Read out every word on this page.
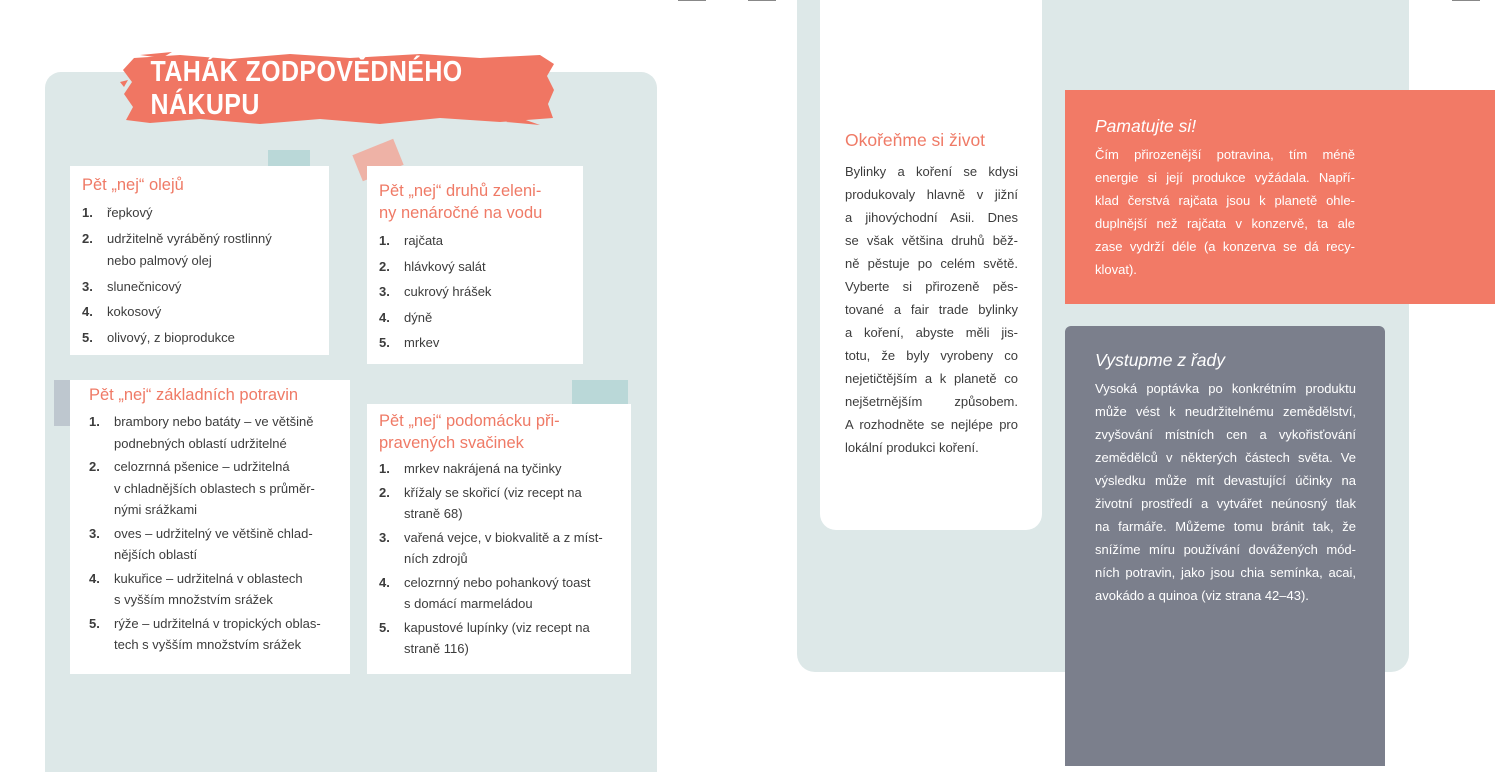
TAHÁK ZODPOVĚDNÉHO NÁKUPU
Pět „nej“ olejů
1. řepkový
2. udržitelně vyráběný rostlinný
nebo palmový olej
3. slunečnicový
4. kokosový
5. olivový, z bioprodukce
Pět „nej“ druhů zeleni-
ny nenáročné na vodu
1. rajčata
2. hlávkový salát
3. cukrový hrášek
4. dýně
5. mrkev
Pět „nej“ základních potravin
1. brambory nebo batáty – ve většině
podnebných oblastí udržitelné
2. celozrnná pšenice – udržitelná
v chladnějších oblastech s průměr-
nými srážkami
3. oves – udržitelný ve většině chlad-
nějších oblastí
4. kukuřice – udržitelná v oblastech
s vyšším množstvím srážek
5. rýže – udržitelná v tropických oblas-
tech s vyšším množstvím srážek
Pět „nej“ podomácku při-
pravených svačinek
1. mrkev nakrájená na tyčinky
2. křížaly se skořicí (viz recept na
straně 68)
3. vařená vejce, v biokvalitě a z míst-
ních zdrojů
4. celozrnný nebo pohankový toast
s domácí marmeládou
5. kapustové lupínky (viz recept na
straně 116)
Okořeňme si život
Bylinky a koření se kdysi
produkovaly hlavně v jižní
a jihovýchodní Asii. Dnes
se však většina druhů běž-
ně pěstuje po celém světě.
Vyberte si přirozeně pěs-
tované a fair trade bylinky
a koření, abyste měli jis-
totu, že byly vyrobeny co
nejetičtějším a k planetě co
nejšetrnějším způsobem.
A rozhodněte se nejlépe pro
lokální produkci koření.
Pamatujte si!
Čím přirozenější potravina, tím méně
energie si její produkce vyžádala. Napří-
klad čerstvá rajčata jsou k planetě ohle-
duplnější než rajčata v konzervě, ta ale
zase vydrží déle (a konzerva se dá recy-
klovat).
Vystupme z řady
Vysoká poptávka po konkrétním produktu
může vést k neudržitelnému zemědělství,
zvyšování místních cen a vykořisťování
zemědělců v některých částech světa. Ve
výsledku může mít devastující účinky na
životní prostředí a vytvářet neúnosný tlak
na farmáře. Můžeme tomu bránit tak, že
snížíme míru používání dovážených mód-
ních potravin, jako jsou chia semínka, acai,
avokádo a quinoa (viz strana 42–43).
